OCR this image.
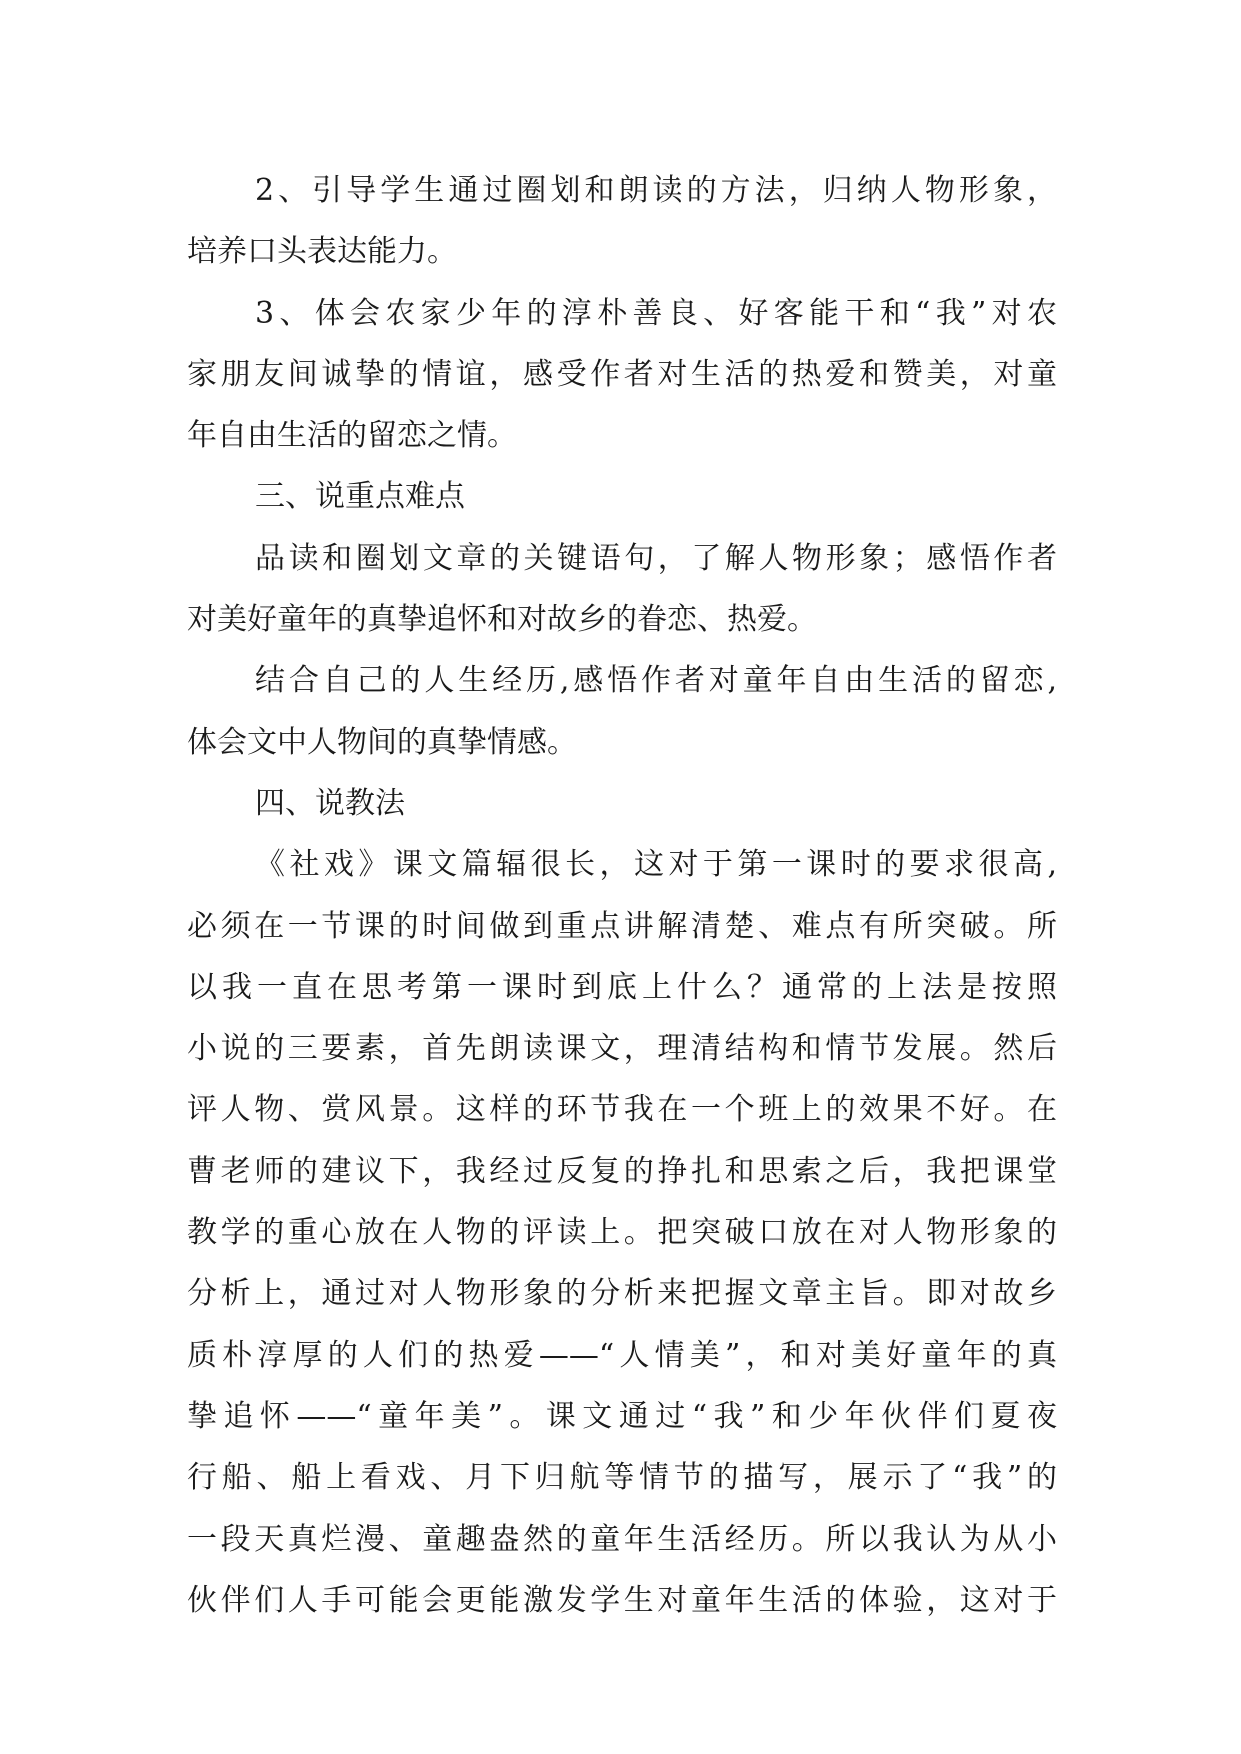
2、引导学生通过圈划和朗读的方法，归纳人物形象，
培养口头表达能力。
3、体会农家少年的淳朴善良、好客能干和“我”对农
家朋友间诚挚的情谊，感受作者对生活的热爱和赞美，对童
年自由生活的留恋之情。
三、说重点难点
品读和圈划文章的关键语句，了解人物形象；感悟作者
对美好童年的真挚追怀和对故乡的眷恋、热爱。
结合自己的人生经历,感悟作者对童年自由生活的留恋,
体会文中人物间的真挚情感。
四、说教法
《社戏》课文篇辐很长，这对于第一课时的要求很高,
必须在一节课的时间做到重点讲解清楚、难点有所突破。所
以我一直在思考第一课时到底上什么？通常的上法是按照
小说的三要素，首先朗读课文，理清结构和情节发展。然后
评人物、赏风景。这样的环节我在一个班上的效果不好。在
曹老师的建议下，我经过反复的挣扎和思索之后，我把课堂
教学的重心放在人物的评读上。把突破口放在对人物形象的
分析上，通过对人物形象的分析来把握文章主旨。即对故乡
质朴淳厚的人们的热爱——“人情美”，和对美好童年的真
挚追怀——“童年美”。课文通过“我”和少年伙伴们夏夜
行船、船上看戏、月下归航等情节的描写，展示了“我”的
一段天真烂漫、童趣盎然的童年生活经历。所以我认为从小
伙伴们人手可能会更能激发学生对童年生活的体验，这对于
